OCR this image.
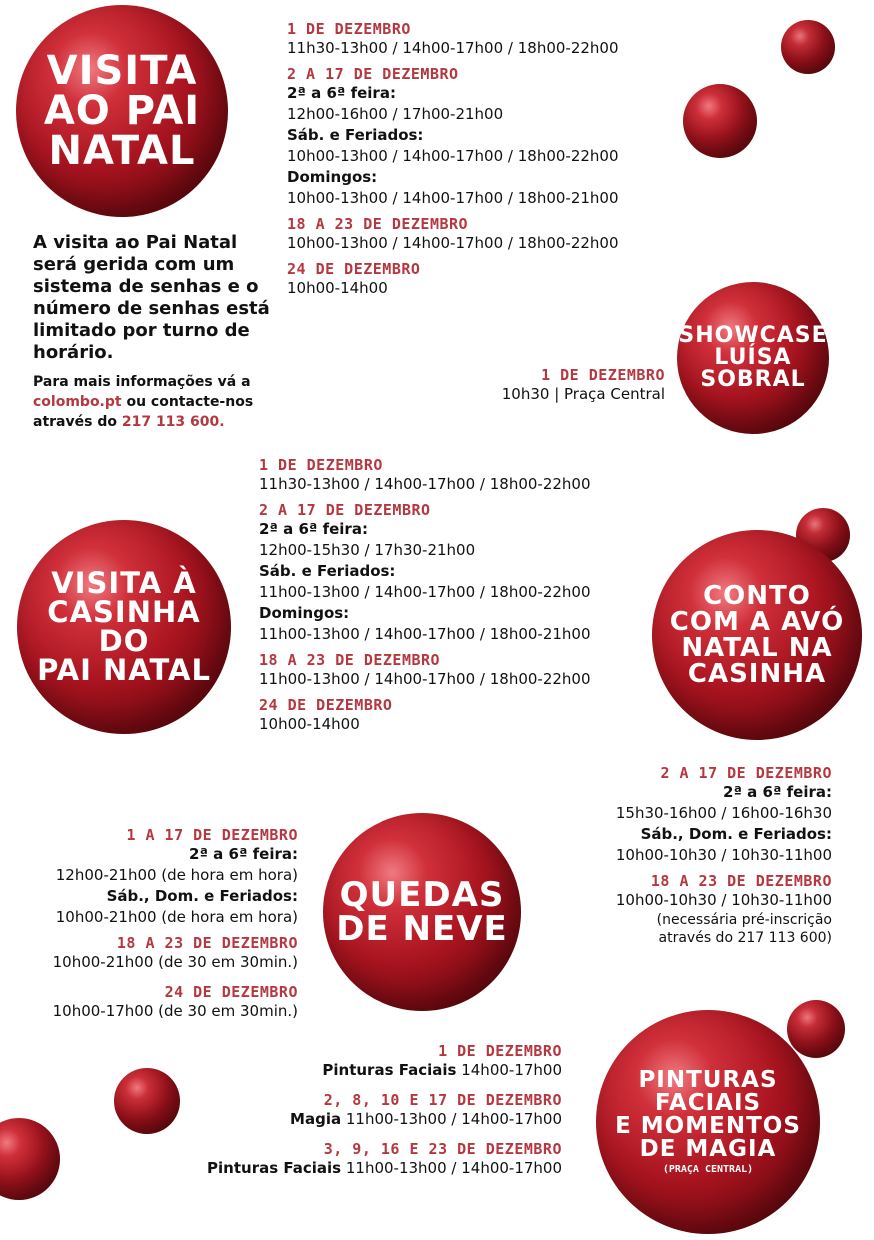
VISITA
AO PAI
NATAL
A visita ao Pai Natal será gerida com um sistema de senhas e o número de senhas está limitado por turno de horário.
Para mais informações vá a colombo.pt ou contacte-nos através do 217 113 600.
1 DE DEZEMBRO
11h30-13h00 / 14h00-17h00 / 18h00-22h00
2 A 17 DE DEZEMBRO
2ª a 6ª feira:
12h00-16h00 / 17h00-21h00
Sáb. e Feriados:
10h00-13h00 / 14h00-17h00 / 18h00-22h00
Domingos:
10h00-13h00 / 14h00-17h00 / 18h00-21h00
18 A 23 DE DEZEMBRO
10h00-13h00 / 14h00-17h00 / 18h00-22h00
24 DE DEZEMBRO
10h00-14h00
SHOWCASE
LUÍSA
SOBRAL
1 DE DEZEMBRO
10h30 | Praça Central
VISITA À
CASINHA DO
PAI NATAL
1 DE DEZEMBRO
11h30-13h00 / 14h00-17h00 / 18h00-22h00
2 A 17 DE DEZEMBRO
2ª a 6ª feira:
12h00-15h30 / 17h30-21h00
Sáb. e Feriados:
11h00-13h00 / 14h00-17h00 / 18h00-22h00
Domingos:
11h00-13h00 / 14h00-17h00 / 18h00-21h00
18 A 23 DE DEZEMBRO
11h00-13h00 / 14h00-17h00 / 18h00-22h00
24 DE DEZEMBRO
10h00-14h00
CONTO
COM A AVÓ
NATAL NA
CASINHA
2 A 17 DE DEZEMBRO
2ª a 6ª feira:
15h30-16h00 / 16h00-16h30
Sáb., Dom. e Feriados:
10h00-10h30 / 10h30-11h00
18 A 23 DE DEZEMBRO
10h00-10h30 / 10h30-11h00
(necessária pré-inscrição
através do 217 113 600)
1 A 17 DE DEZEMBRO
2ª a 6ª feira:
12h00-21h00 (de hora em hora)
Sáb., Dom. e Feriados:
10h00-21h00 (de hora em hora)
18 A 23 DE DEZEMBRO
10h00-21h00 (de 30 em 30min.)
24 DE DEZEMBRO
10h00-17h00 (de 30 em 30min.)
QUEDAS
DE NEVE
PINTURAS
FACIAIS
E MOMENTOS
DE MAGIA
(PRAÇA CENTRAL)
1 DE DEZEMBRO
Pinturas Faciais 14h00-17h00
2, 8, 10 E 17 DE DEZEMBRO
Magia 11h00-13h00 / 14h00-17h00
3, 9, 16 E 23 DE DEZEMBRO
Pinturas Faciais 11h00-13h00 / 14h00-17h00
